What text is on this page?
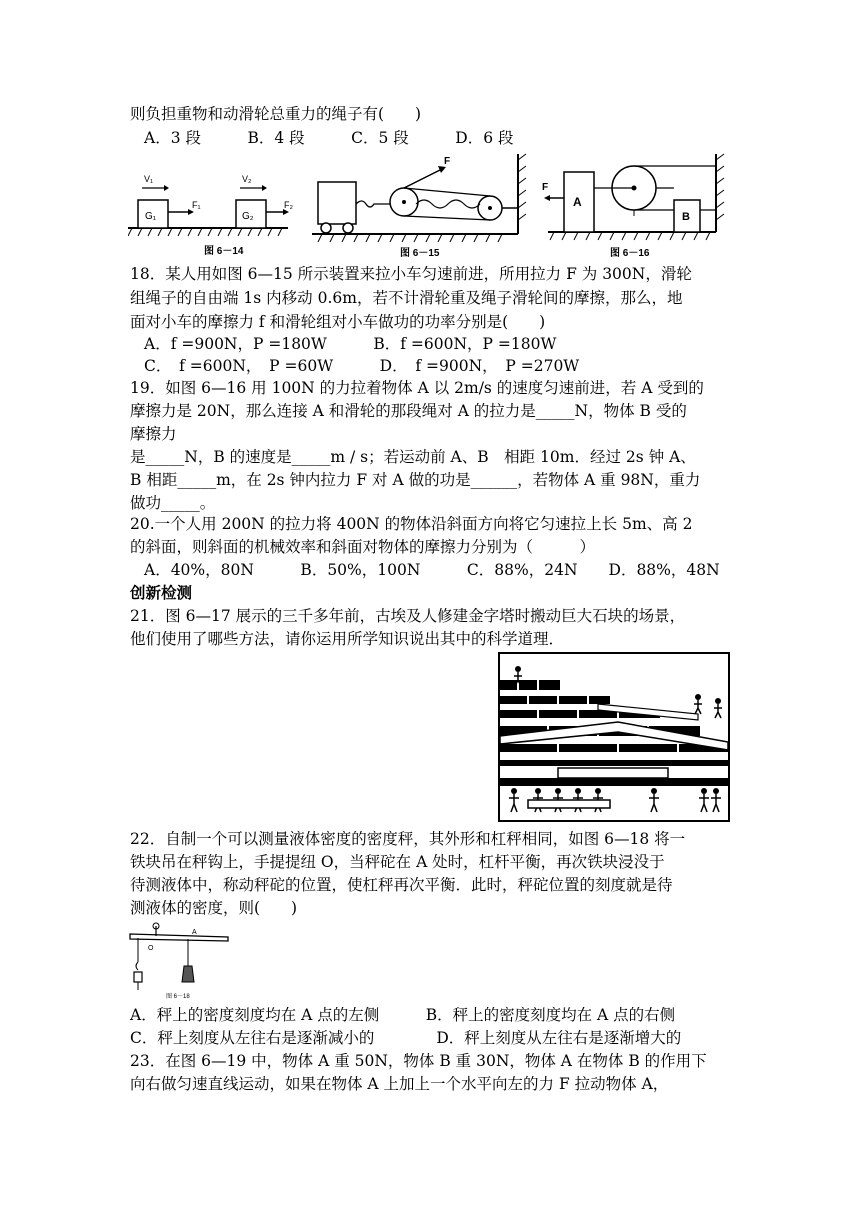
则负担重物和动滑轮总重力的绳子有(　　)
A．3 段　　　B．4 段　　　C．5 段　　　D．6 段
G₁
F₁
V₁
G₂
F₂
V₂
图 6－14
F
图 6－15
A
F
B
图 6－16
18．某人用如图 6—15 所示装置来拉小车匀速前进，所用拉力 F 为 300N，滑轮
组绳子的自由端 1s 内移动 0.6m，若不计滑轮重及绳子滑轮间的摩擦，那么，地
面对小车的摩擦力 f 和滑轮组对小车做功的功率分别是(　　)
A．f =900N，P =180W　　　B．f =600N，P =180W
C．　f =600N，　P =60W　　　D．　f =900N，　P =270W
19．如图 6—16 用 100N 的力拉着物体 A 以 2m/s 的速度匀速前进，若 A 受到的
摩擦力是 20N，那么连接 A 和滑轮的那段绳对 A 的拉力是_____N，物体 B 受的
摩擦力
是_____N，B 的速度是_____m / s；若运动前 A、B　相距 10m．经过 2s 钟 A、
B 相距_____m，在 2s 钟内拉力 F 对 A 做的功是______，若物体 A 重 98N，重力
做功_____。
20.一个人用 200N 的拉力将 400N 的物体沿斜面方向将它匀速拉上长 5m、高 2
的斜面，则斜面的机械效率和斜面对物体的摩擦力分别为（　　　）
A．40%，80N　　　B．50%，100N　　　C．88%，24N　　D．88%，48N
创新检测
21．图 6—17 展示的三千多年前，古埃及人修建金字塔时搬动巨大石块的场景，
他们使用了哪些方法，请你运用所学知识说出其中的科学道理．
22．自制一个可以测量液体密度的密度秤，其外形和杠秤相同，如图 6—18 将一
铁块吊在秤钩上，手提提纽 O，当秤砣在 A 处时，杠杆平衡，再次铁块浸没于
待测液体中，称动秤砣的位置，使杠秤再次平衡．此时，秤砣位置的刻度就是待
测液体的密度，则(　　)
O
A
图 6－18
A．秤上的密度刻度均在 A 点的左侧　　　B．秤上的密度刻度均在 A 点的右侧
C．秤上刻度从左往右是逐渐减小的　　　　D．秤上刻度从左往右是逐渐增大的
23．在图 6—19 中，物体 A 重 50N，物体 B 重 30N，物体 A 在物体 B 的作用下
向右做匀速直线运动，如果在物体 A 上加上一个水平向左的力 F 拉动物体 A，
